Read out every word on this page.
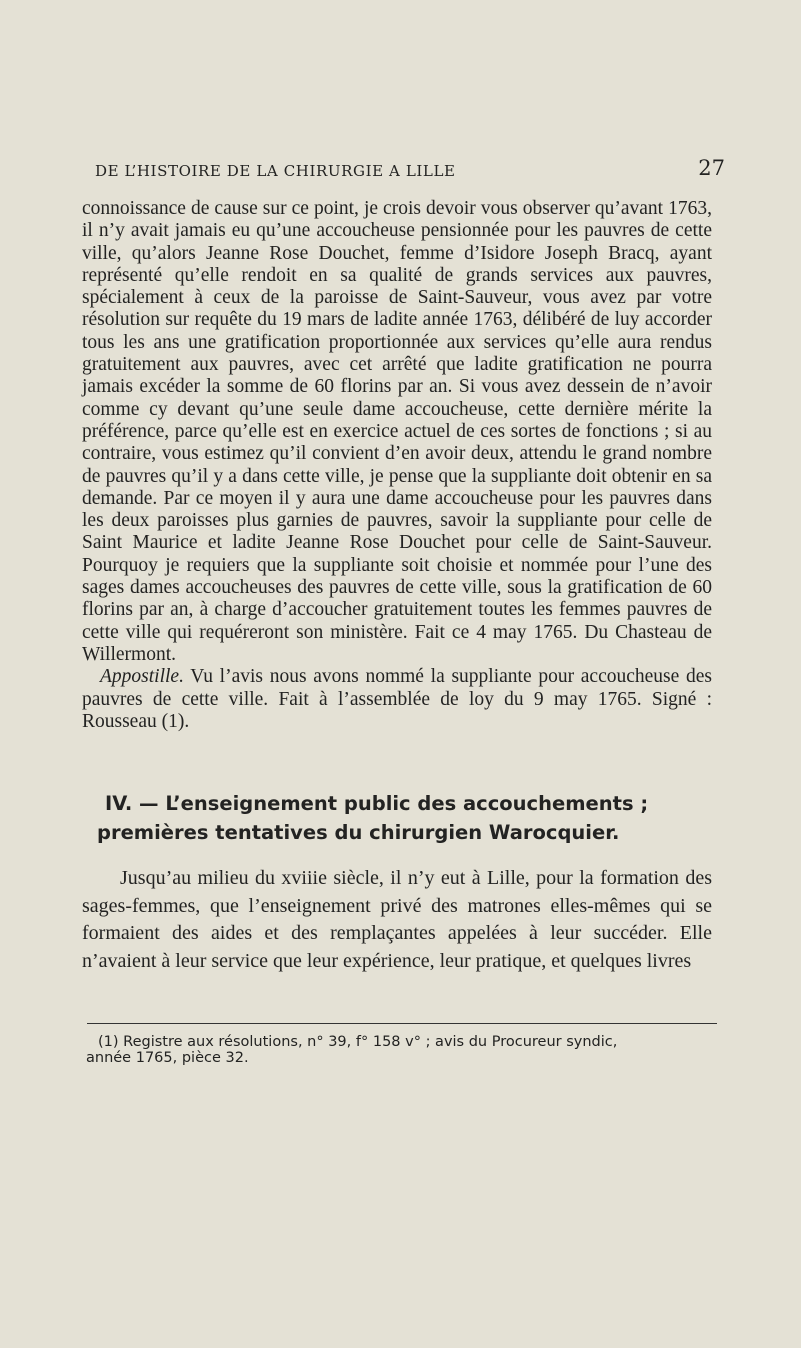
DE L’HISTOIRE DE LA CHIRURGIE A LILLE	27

connoissance de cause sur ce point, je crois devoir vous observer qu’avant 1763, il n’y avait jamais eu qu’une accoucheuse pensionnée pour les pauvres de cette ville, qu’alors Jeanne Rose Douchet, femme d’Isidore Joseph Bracq, ayant représenté qu’elle rendoit en sa qualité de grands services aux pauvres, spécialement à ceux de la paroisse de Saint-Sauveur, vous avez par votre résolution sur requête du 19 mars de ladite année 1763, délibéré de luy accorder tous les ans une gratification proportionnée aux services qu’elle aura rendus gratuitement aux pauvres, avec cet arrêté que ladite gratification ne pourra jamais excéder la somme de 60 florins par an. Si vous avez dessein de n’avoir comme cy devant qu’une seule dame accoucheuse, cette dernière mérite la préférence, parce qu’elle est en exercice actuel de ces sortes de fonctions ; si au contraire, vous estimez qu’il convient d’en avoir deux, attendu le grand nombre de pauvres qu’il y a dans cette ville, je pense que la suppliante doit obtenir en sa demande. Par ce moyen il y aura une dame accoucheuse pour les pauvres dans les deux paroisses plus garnies de pauvres, savoir la suppliante pour celle de Saint Maurice et ladite Jeanne Rose Douchet pour celle de Saint-Sauveur. Pourquoy je requiers que la suppliante soit choisie et nommée pour l’une des sages dames accoucheuses des pauvres de cette ville, sous la gratification de 60 florins par an, à charge d’accoucher gratuitement toutes les femmes pauvres de cette ville qui requéreront son ministère. Fait ce 4 may 1765. Du Chasteau de Willermont.

Appostille. Vu l’avis nous avons nommé la suppliante pour accoucheuse des pauvres de cette ville. Fait à l’assemblée de loy du 9 may 1765. Signé : Rousseau (1).

IV. — L’enseignement public des accouchements ;
premières tentatives du chirurgien Warocquier.

Jusqu’au milieu du xviiie siècle, il n’y eut à Lille, pour la formation des sages-femmes, que l’enseignement privé des matrones elles-mêmes qui se formaient des aides et des remplaçantes appelées à leur succéder. Elle n’avaient à leur service que leur expérience, leur pratique, et quelques livres

(1) Registre aux résolutions, n° 39, f° 158 v° ; avis du Procureur syndic,

année 1765, pièce 32.
